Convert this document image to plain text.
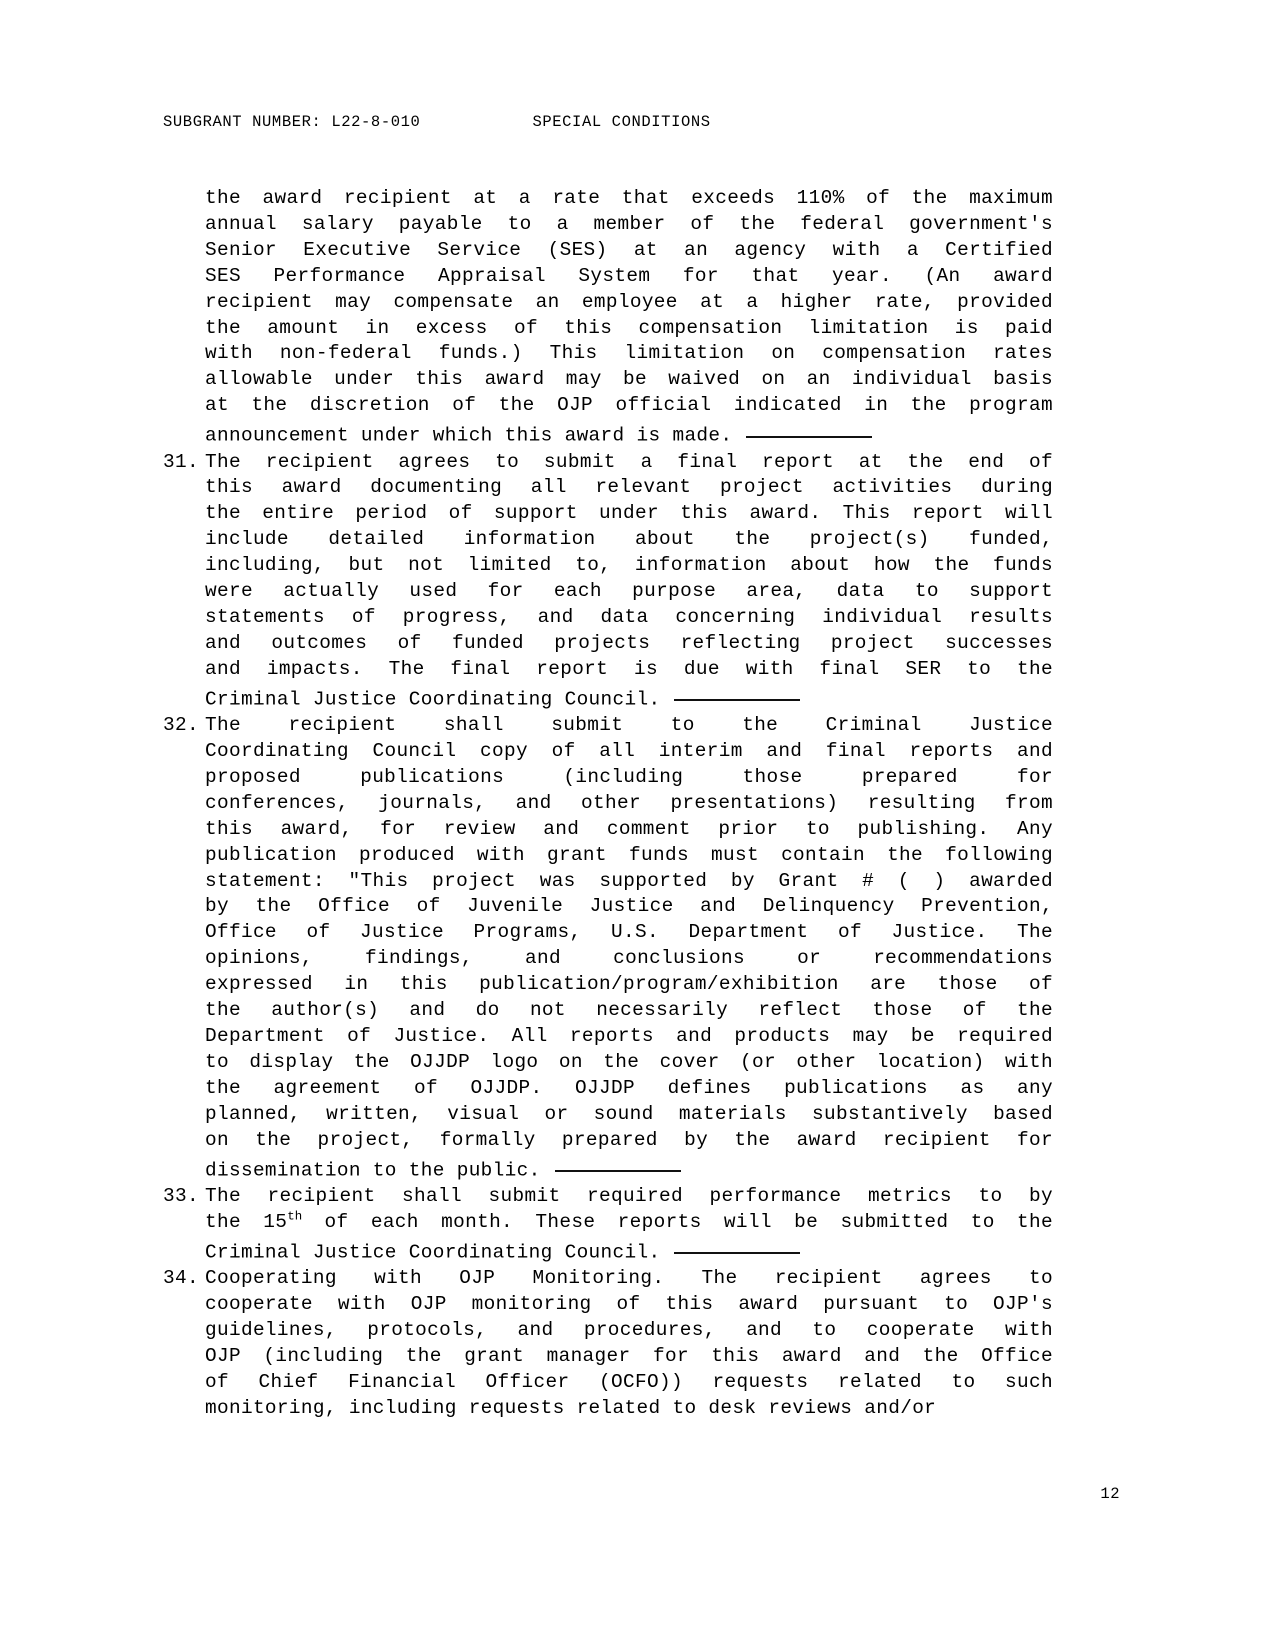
SUBGRANT NUMBER: L22-8-010	SPECIAL CONDITIONS
the award recipient at a rate that exceeds 110% of the maximum
annual salary payable to a member of the federal government's
Senior Executive Service (SES) at an agency with a Certified
SES Performance Appraisal System for that year. (An award
recipient may compensate an employee at a higher rate, provided
the amount in excess of this compensation limitation is paid
with non-federal funds.) This limitation on compensation rates
allowable under this award may be waived on an individual basis
at the discretion of the OJP official indicated in the program
announcement under which this award is made.
31. The recipient agrees to submit a final report at the end of
this award documenting all relevant project activities during
the entire period of support under this award. This report will
include detailed information about the project(s) funded,
including, but not limited to, information about how the funds
were actually used for each purpose area, data to support
statements of progress, and data concerning individual results
and outcomes of funded projects reflecting project successes
and impacts. The final report is due with final SER to the
Criminal Justice Coordinating Council.
32. The recipient shall submit to the Criminal Justice
Coordinating Council copy of all interim and final reports and
proposed publications (including those prepared for
conferences, journals, and other presentations) resulting from
this award, for review and comment prior to publishing. Any
publication produced with grant funds must contain the following
statement: "This project was supported by Grant # ( ) awarded
by the Office of Juvenile Justice and Delinquency Prevention,
Office of Justice Programs, U.S. Department of Justice. The
opinions, findings, and conclusions or recommendations
expressed in this publication/program/exhibition are those of
the author(s) and do not necessarily reflect those of the
Department of Justice. All reports and products may be required
to display the OJJDP logo on the cover (or other location) with
the agreement of OJJDP. OJJDP defines publications as any
planned, written, visual or sound materials substantively based
on the project, formally prepared by the award recipient for
dissemination to the public.
33. The recipient shall submit required performance metrics to by
the 15th of each month. These reports will be submitted to the
Criminal Justice Coordinating Council.
34. Cooperating with OJP Monitoring. The recipient agrees to
cooperate with OJP monitoring of this award pursuant to OJP's
guidelines, protocols, and procedures, and to cooperate with
OJP (including the grant manager for this award and the Office
of Chief Financial Officer (OCFO)) requests related to such
monitoring, including requests related to desk reviews and/or
12
